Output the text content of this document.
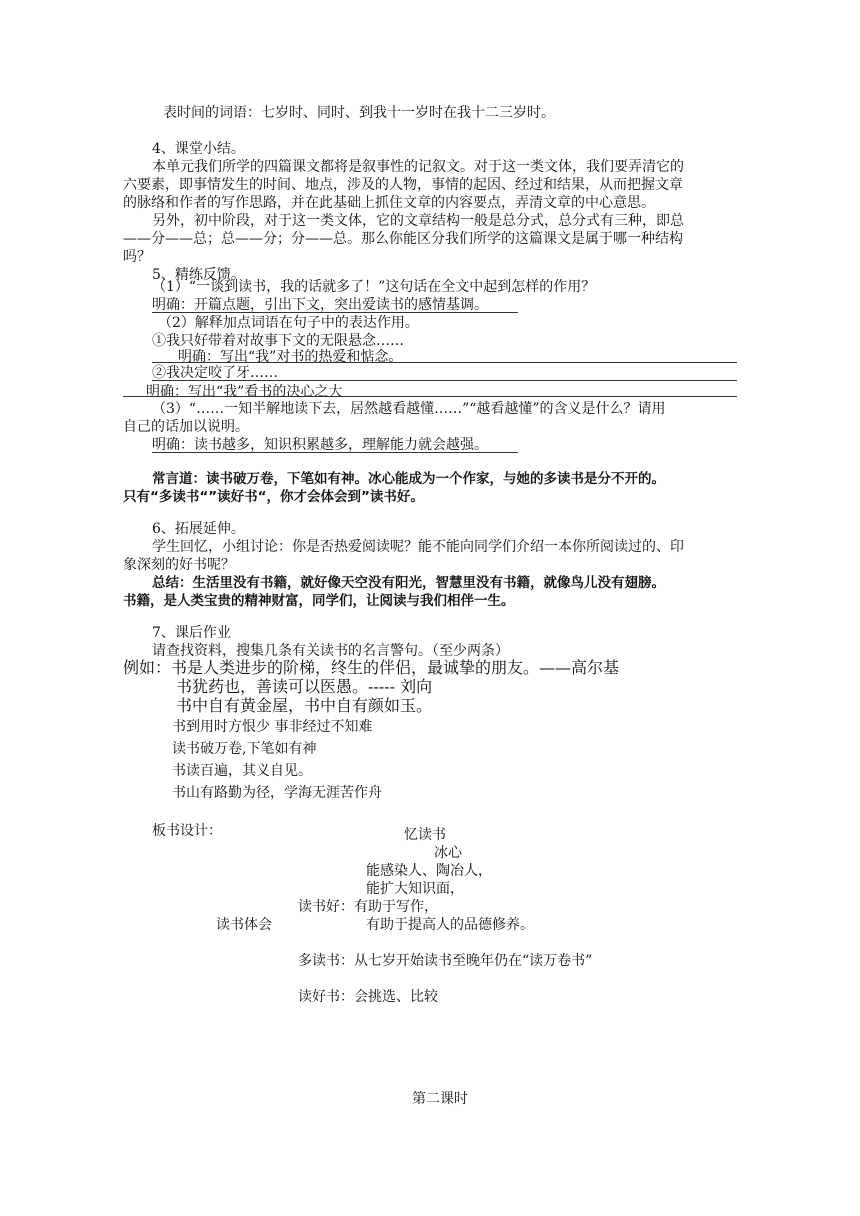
表时间的词语：七岁时、同时、到我十一岁时在我十二三岁时。
4、课堂小结。
本单元我们所学的四篇课文都将是叙事性的记叙文。对于这一类文体，我们要弄清它的
六要素，即事情发生的时间、地点，涉及的人物，事情的起因、经过和结果，从而把握文章
的脉络和作者的写作思路，并在此基础上抓住文章的内容要点，弄清文章的中心意思。
另外，初中阶段，对于这一类文体，它的文章结构一般是总分式，总分式有三种，即总
——分——总；总——分；分——总。那么你能区分我们所学的这篇课文是属于哪一种结构
吗？
5、精练反馈。
（1）“一谈到读书，我的话就多了！”这句话在全文中起到怎样的作用？
明确：开篇点题，引出下文，突出爱读书的感情基调。
（2）解释加点词语在句子中的表达作用。
①我只好带着对故事下文的无限悬念……
明确：写出“我”对书的热爱和惦念。
②我决定咬了牙……
明确：写出“我”看书的决心之大
（3）“……一知半解地读下去，居然越看越懂……”“越看越懂”的含义是什么？请用
自己的话加以说明。
明确：读书越多，知识积累越多，理解能力就会越强。
常言道：读书破万卷，下笔如有神。冰心能成为一个作家，与她的多读书是分不开的。
只有“多读书“”读好书“，你才会体会到”读书好。
6、拓展延伸。
学生回忆，小组讨论：你是否热爱阅读呢？能不能向同学们介绍一本你所阅读过的、印
象深刻的好书呢？
总结：生活里没有书籍，就好像天空没有阳光，智慧里没有书籍，就像鸟儿没有翅膀。
书籍，是人类宝贵的精神财富，同学们，让阅读与我们相伴一生。
7、课后作业
请查找资料，搜集几条有关读书的名言警句。（至少两条）
例如：书是人类进步的阶梯，终生的伴侣，最诚挚的朋友。——高尔基
书犹药也，善读可以医愚。----- 刘向
书中自有黄金屋，书中自有颜如玉。
书到用时方恨少 事非经过不知难
读书破万卷,下笔如有神
书读百遍，其义自见。
书山有路勤为径，学海无涯苦作舟
板书设计：	忆读书
冰心
能感染人、陶冶人，
能扩大知识面，
读书好：有助于写作，
读书体会	有助于提高人的品德修养。
多读书：从七岁开始读书至晚年仍在“读万卷书”
读好书：会挑选、比较
第二课时
